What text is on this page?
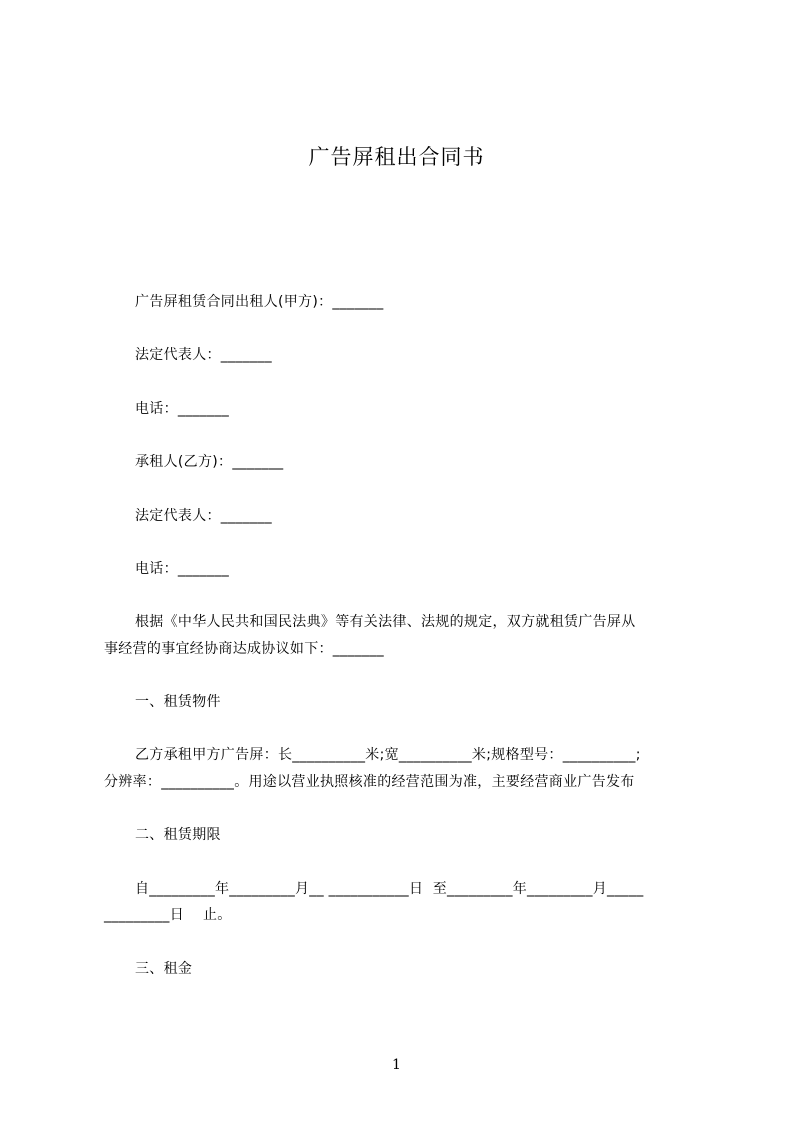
广告屏租出合同书
广告屏租赁合同出租人(甲方)：_______
法定代表人：_______
电话：_______
承租人(乙方)：_______
法定代表人：_______
电话：_______
根据《中华人民共和国民法典》等有关法律、法规的规定，双方就租赁广告屏从
事经营的事宜经协商达成协议如下：_______
一、租赁物件
乙方承租甲方广告屏：长__________米;宽__________米;规格型号：__________;
分辨率：__________。用途以营业执照核准的经营范围为准，主要经营商业广告发布
二、租赁期限
自_________年_________月__ ___________日  至_________年_________月_____
_________日    止。
三、租金
1
